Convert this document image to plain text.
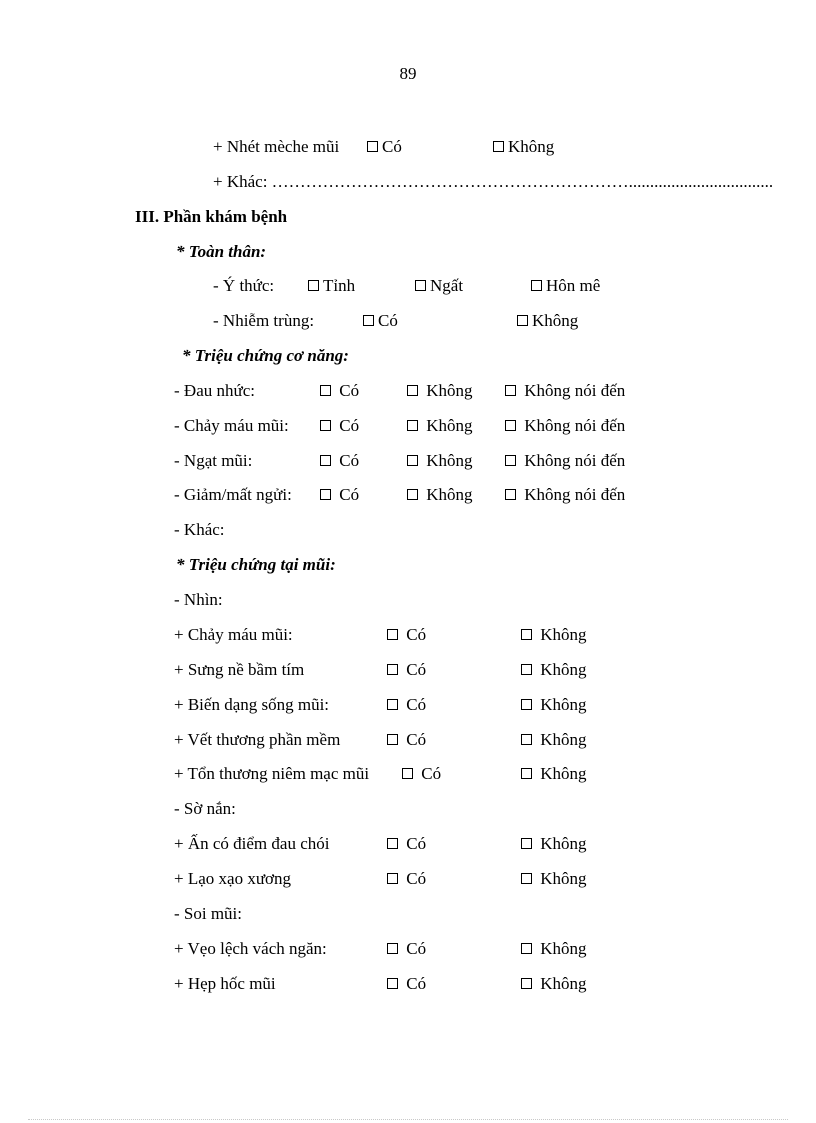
89
+ Nhét mèche mũi	Có	Không
+ Khác: ………………………………………………………..................................
III. Phần khám bệnh
* Toàn thân:
- Ý thức:	Tỉnh	Ngất	Hôn mê
- Nhiễm trùng:	Có	Không
* Triệu chứng cơ năng:
- Đau nhức:	Có	Không	Không nói đến
- Chảy máu mũi:	Có	Không	Không nói đến
- Ngạt mũi:	Có	Không	Không nói đến
- Giảm/mất ngửi:	Có	Không	Không nói đến
- Khác:
* Triệu chứng tại mũi:
- Nhìn:
+ Chảy máu mũi:	Có	Không
+ Sưng nề bầm tím	Có	Không
+ Biến dạng sống mũi:	Có	Không
+ Vết thương phần mềm	Có	Không
+ Tổn thương niêm mạc mũi	Có	Không
- Sờ nắn:
+ Ấn có điểm đau chói	Có	Không
+ Lạo xạo xương	Có	Không
- Soi mũi:
+ Vẹo lệch vách ngăn:	Có	Không
+ Hẹp hốc mũi	Có	Không
